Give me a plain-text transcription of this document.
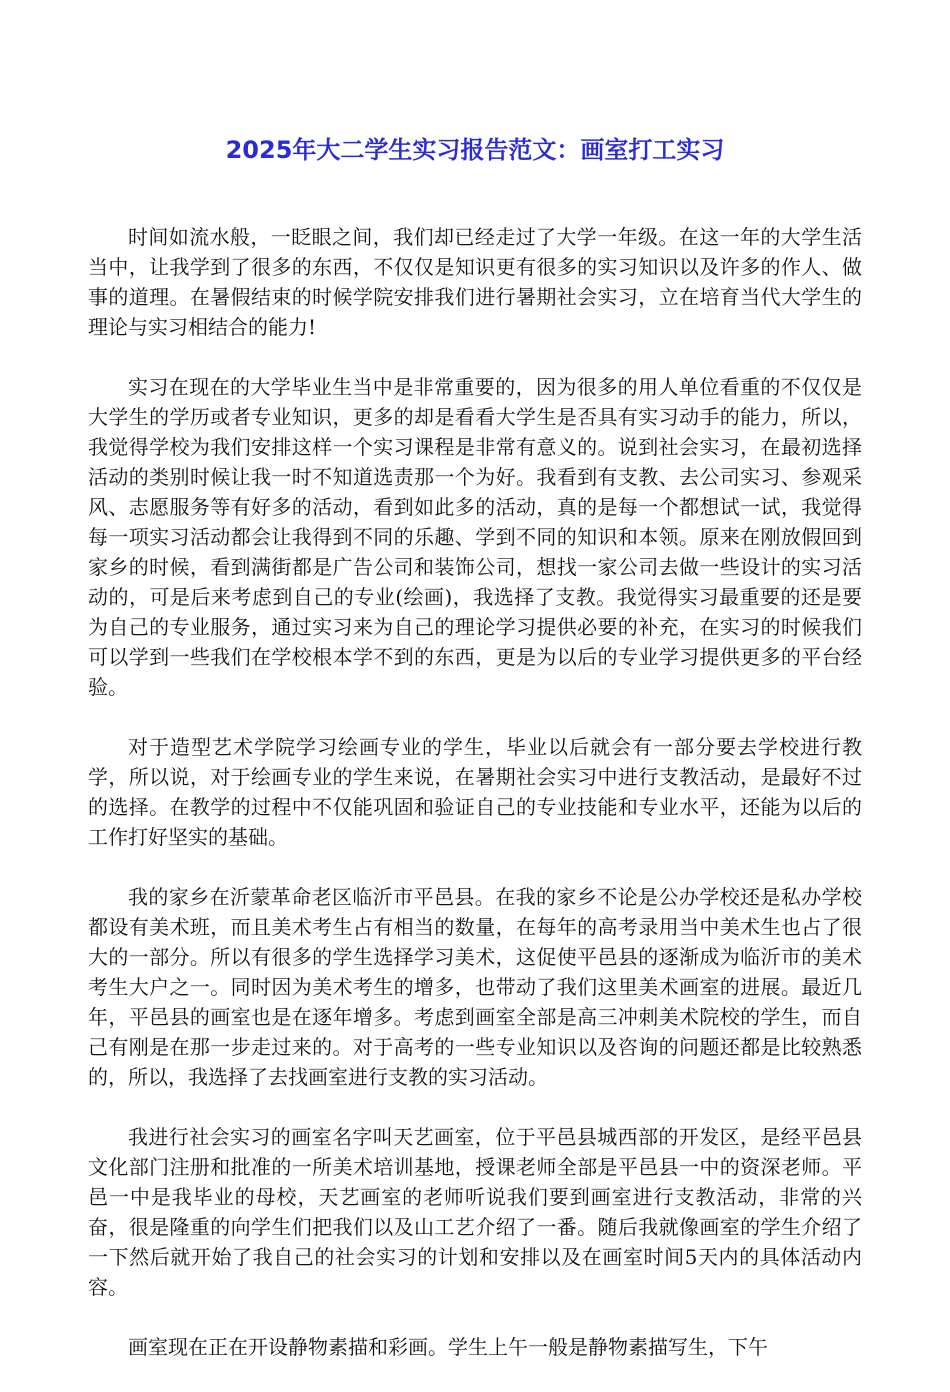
2025年大二学生实习报告范文：画室打工实习

时间如流水般，一眨眼之间，我们却已经走过了大学一年级。在这一年的大学生活当中，让我学到了很多的东西，不仅仅是知识更有很多的实习知识以及许多的作人、做事的道理。在暑假结束的时候学院安排我们进行暑期社会实习，立在培育当代大学生的理论与实习相结合的能力!

实习在现在的大学毕业生当中是非常重要的，因为很多的用人单位看重的不仅仅是大学生的学历或者专业知识，更多的却是看看大学生是否具有实习动手的能力，所以，我觉得学校为我们安排这样一个实习课程是非常有意义的。说到社会实习，在最初选择活动的类别时候让我一时不知道选责那一个为好。我看到有支教、去公司实习、参观采风、志愿服务等有好多的活动，看到如此多的活动，真的是每一个都想试一试，我觉得每一项实习活动都会让我得到不同的乐趣、学到不同的知识和本领。原来在刚放假回到家乡的时候，看到满街都是广告公司和装饰公司，想找一家公司去做一些设计的实习活动的，可是后来考虑到自己的专业(绘画)，我选择了支教。我觉得实习最重要的还是要为自己的专业服务，通过实习来为自己的理论学习提供必要的补充，在实习的时候我们可以学到一些我们在学校根本学不到的东西，更是为以后的专业学习提供更多的平台经验。

对于造型艺术学院学习绘画专业的学生，毕业以后就会有一部分要去学校进行教学，所以说，对于绘画专业的学生来说，在暑期社会实习中进行支教活动，是最好不过的选择。在教学的过程中不仅能巩固和验证自己的专业技能和专业水平，还能为以后的工作打好坚实的基础。

我的家乡在沂蒙革命老区临沂市平邑县。在我的家乡不论是公办学校还是私办学校都设有美术班，而且美术考生占有相当的数量，在每年的高考录用当中美术生也占了很大的一部分。所以有很多的学生选择学习美术，这促使平邑县的逐渐成为临沂市的美术考生大户之一。同时因为美术考生的增多，也带动了我们这里美术画室的进展。最近几年，平邑县的画室也是在逐年增多。考虑到画室全部是高三冲刺美术院校的学生，而自己有刚是在那一步走过来的。对于高考的一些专业知识以及咨询的问题还都是比较熟悉的，所以，我选择了去找画室进行支教的实习活动。

我进行社会实习的画室名字叫天艺画室，位于平邑县城西部的开发区，是经平邑县文化部门注册和批准的一所美术培训基地，授课老师全部是平邑县一中的资深老师。平邑一中是我毕业的母校，天艺画室的老师听说我们要到画室进行支教活动，非常的兴奋，很是隆重的向学生们把我们以及山工艺介绍了一番。随后我就像画室的学生介绍了一下然后就开始了我自己的社会实习的计划和安排以及在画室时间5天内的具体活动内容。

画室现在正在开设静物素描和彩画。学生上午一般是静物素描写生，下午
